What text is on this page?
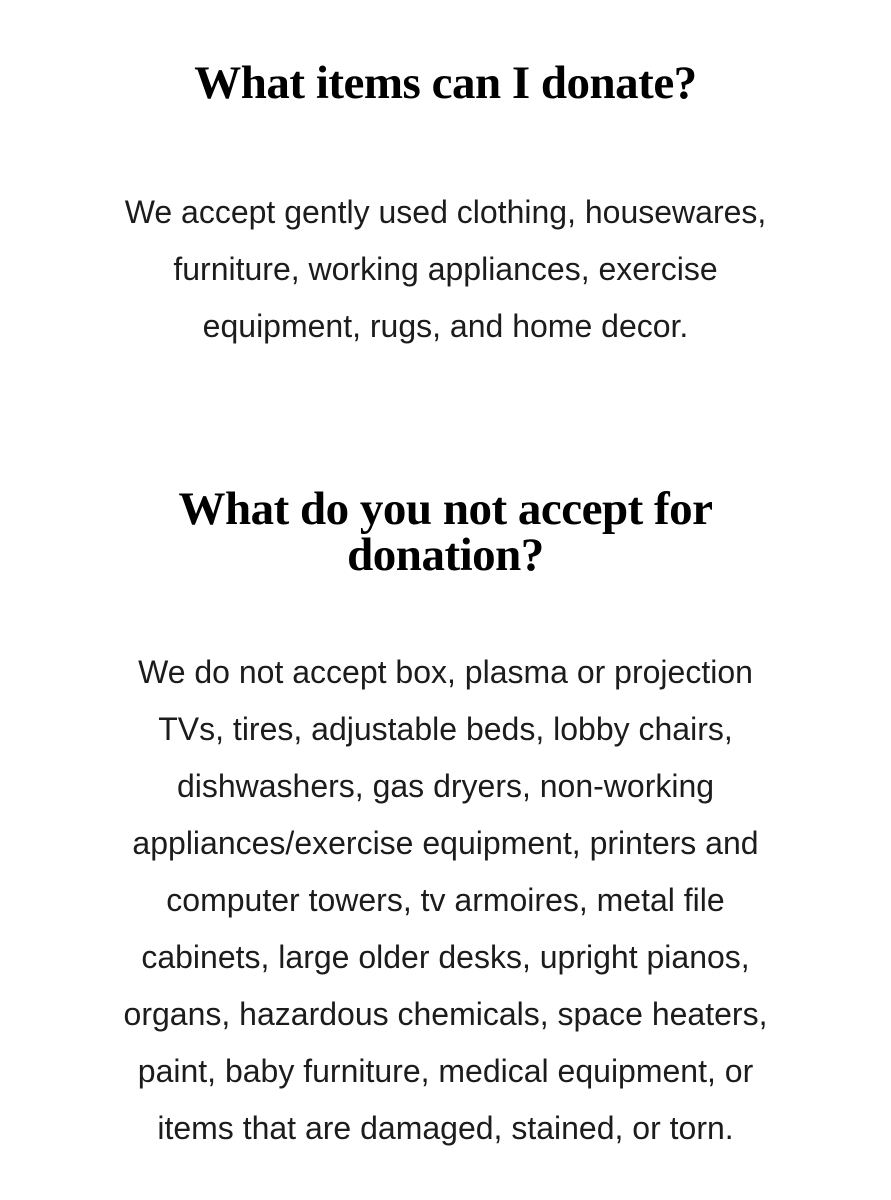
What items can I donate?
We accept gently used clothing, housewares,
furniture, working appliances, exercise
equipment, rugs, and home decor.
What do you not accept for
donation?
We do not accept box, plasma or projection
TVs, tires, adjustable beds, lobby chairs,
dishwashers, gas dryers, non-working
appliances/exercise equipment, printers and
computer towers, tv armoires, metal file
cabinets, large older desks, upright pianos,
organs, hazardous chemicals, space heaters,
paint, baby furniture, medical equipment, or
items that are damaged, stained, or torn.
